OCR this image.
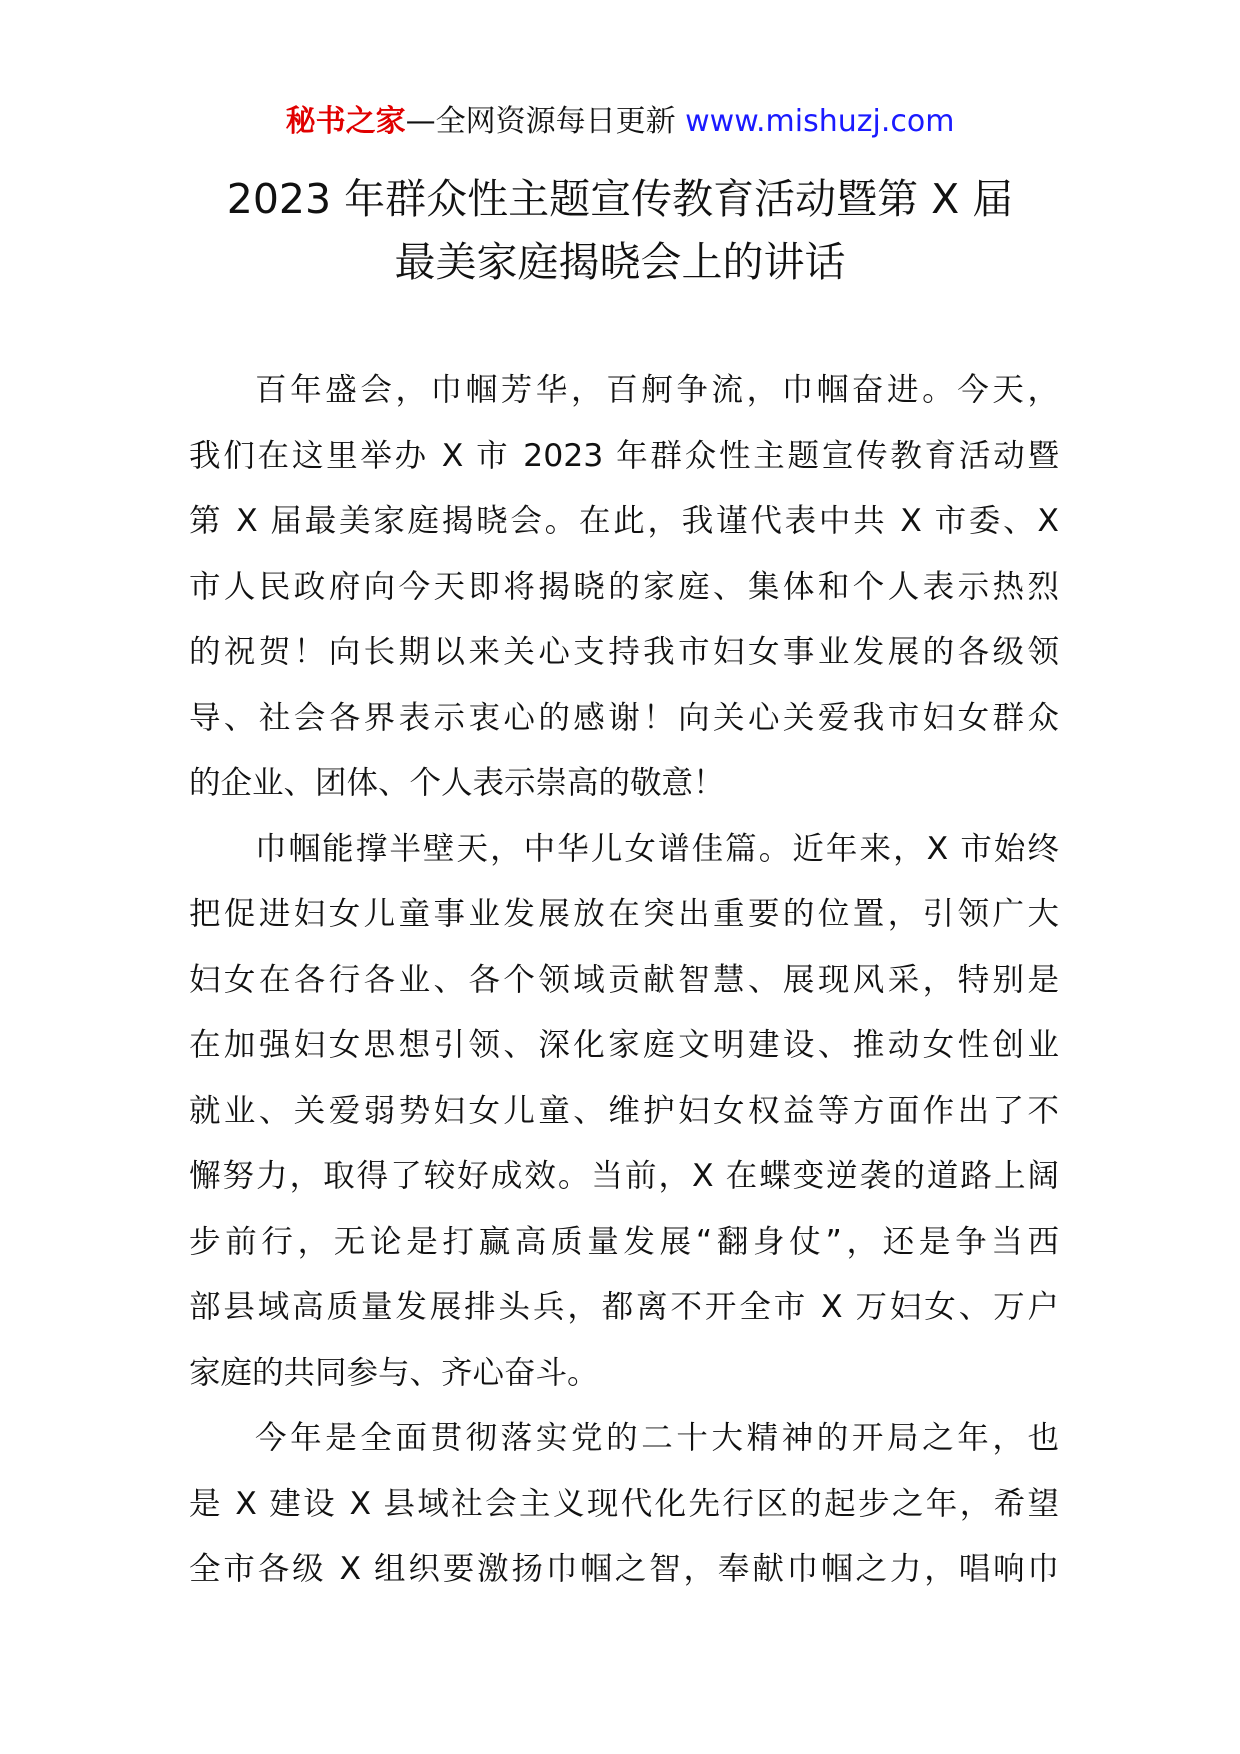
秘书之家—全网资源每日更新 www.mishuzj.com
2023 年群众性主题宣传教育活动暨第 X 届
最美家庭揭晓会上的讲话
百年盛会，巾帼芳华，百舸争流，巾帼奋进。今天，
我们在这里举办 X 市 2023 年群众性主题宣传教育活动暨
第 X 届最美家庭揭晓会。在此，我谨代表中共 X 市委、X
市人民政府向今天即将揭晓的家庭、集体和个人表示热烈
的祝贺！向长期以来关心支持我市妇女事业发展的各级领
导、社会各界表示衷心的感谢！向关心关爱我市妇女群众
的企业、团体、个人表示崇高的敬意！
巾帼能撑半壁天，中华儿女谱佳篇。近年来，X 市始终
把促进妇女儿童事业发展放在突出重要的位置，引领广大
妇女在各行各业、各个领域贡献智慧、展现风采，特别是
在加强妇女思想引领、深化家庭文明建设、推动女性创业
就业、关爱弱势妇女儿童、维护妇女权益等方面作出了不
懈努力，取得了较好成效。当前，X 在蝶变逆袭的道路上阔
步前行，无论是打赢高质量发展“翻身仗”，还是争当西
部县域高质量发展排头兵，都离不开全市 X 万妇女、万户
家庭的共同参与、齐心奋斗。
今年是全面贯彻落实党的二十大精神的开局之年，也
是 X 建设 X 县域社会主义现代化先行区的起步之年，希望
全市各级 X 组织要激扬巾帼之智，奉献巾帼之力，唱响巾
